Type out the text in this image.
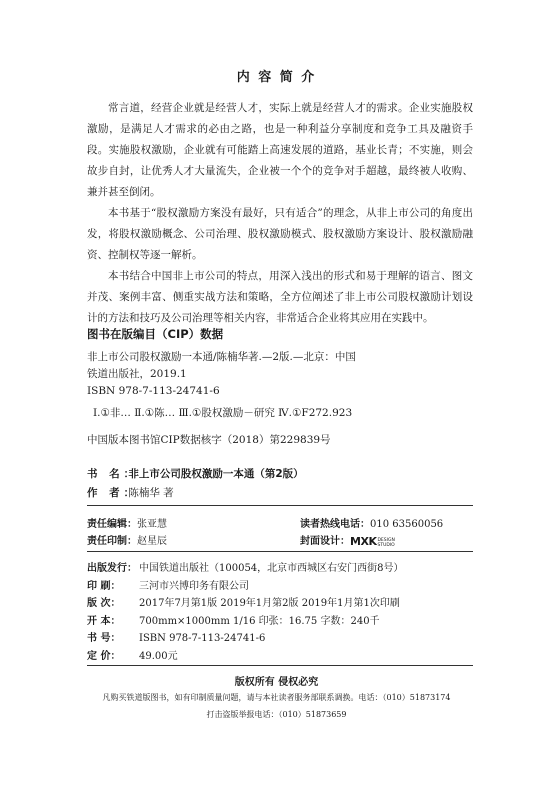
内 容 简 介

常言道，经营企业就是经营人才，实际上就是经营人才的需求。企业实施股权激励，是满足人才需求的必由之路，也是一种利益分享制度和竞争工具及融资手段。实施股权激励，企业就有可能踏上高速发展的道路，基业长青；不实施，则会故步自封，让优秀人才大量流失，企业被一个个的竞争对手超越，最终被人收购、兼并甚至倒闭。

本书基于“股权激励方案没有最好，只有适合”的理念，从非上市公司的角度出发，将股权激励概念、公司治理、股权激励模式、股权激励方案设计、股权激励融资、控制权等逐一解析。

本书结合中国非上市公司的特点，用深入浅出的形式和易于理解的语言、图文并茂、案例丰富、侧重实战方法和策略，全方位阐述了非上市公司股权激励计划设计的方法和技巧及公司治理等相关内容，非常适合企业将其应用在实践中。

图书在版编目（CIP）数据
非上市公司股权激励一本通/陈楠华著.—2版.—北京：中国
铁道出版社，2019.1
ISBN 978-7-113-24741-6
Ⅰ.①非… Ⅱ.①陈… Ⅲ.①股权激励－研究 Ⅳ.①F272.923
中国版本图书馆CIP数据核字（2018）第229839号
书 名： 非上市公司股权激励一本通（第2版）
作 者： 陈楠华 著
责任编辑：张亚慧	读者热线电话：010 63560056
责任印制：赵星辰	封面设计：MXKDESIGN
STUDIO
出版发行： 中国铁道出版社（100054，北京市西城区右安门西街8号）
印 刷： 三河市兴博印务有限公司
版 次： 2017年7月第1版 2019年1月第2版 2019年1月第1次印刷
开 本： 700mm×1000mm 1/16 印张：16.75 字数：240千
书 号： ISBN 978-7-113-24741-6
定 价： 49.00元
版权所有 侵权必究
凡购买铁道版图书，如有印制质量问题，请与本社读者服务部联系调换。电话：（010）51873174
打击盗版举报电话：（010）51873659
